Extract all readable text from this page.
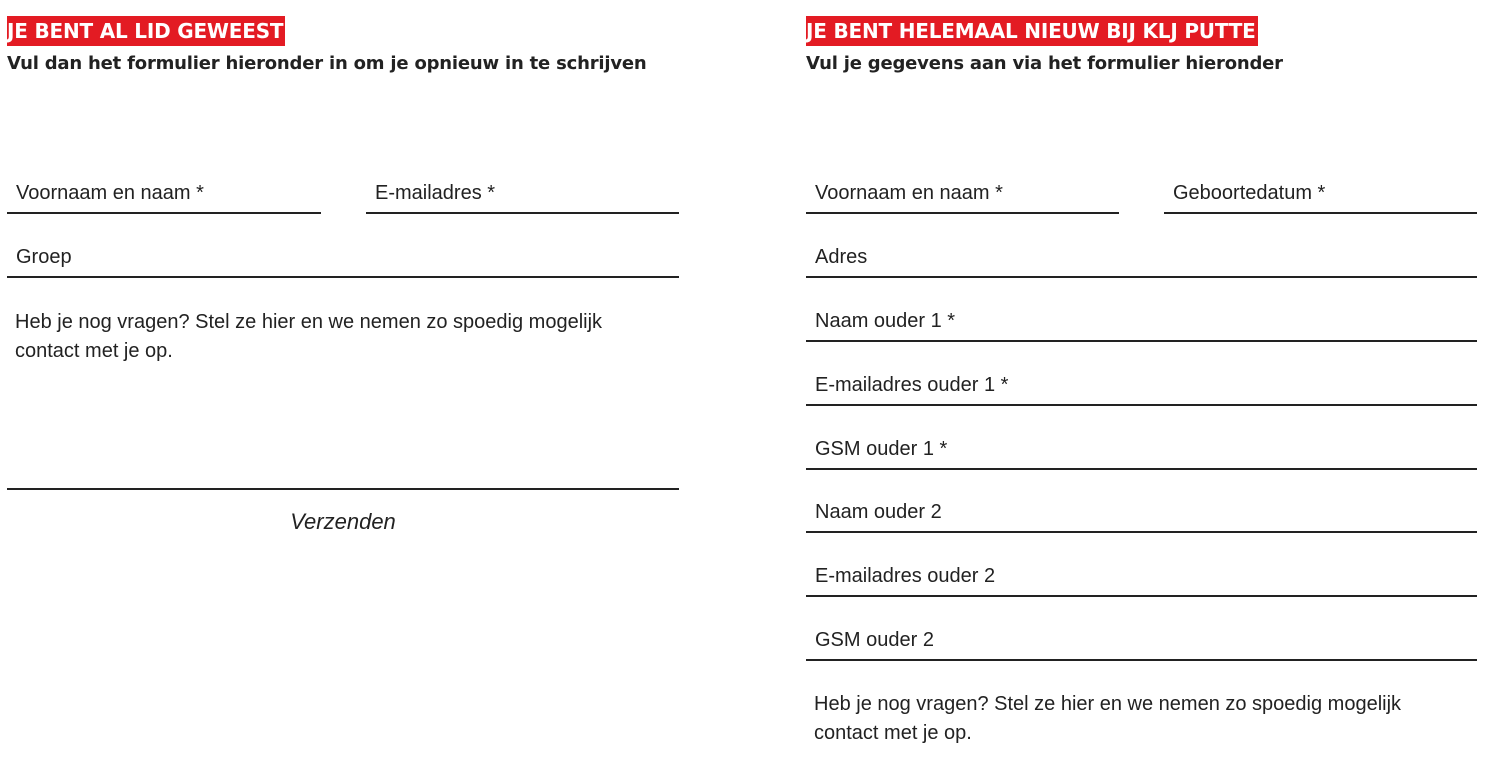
JE BENT AL LID GEWEEST
Vul dan het formulier hieronder in om je opnieuw in te schrijven
Voornaam en naam *
E-mailadres *
Groep
Heb je nog vragen? Stel ze hier en we nemen zo spoedig mogelijk contact met je op.
Verzenden
JE BENT HELEMAAL NIEUW BIJ KLJ PUTTE
Vul je gegevens aan via het formulier hieronder
Voornaam en naam *
Geboortedatum *
Adres
Naam ouder 1 *
E-mailadres ouder 1 *
GSM ouder 1 *
Naam ouder 2
E-mailadres ouder 2
GSM ouder 2
Heb je nog vragen? Stel ze hier en we nemen zo spoedig mogelijk contact met je op.
